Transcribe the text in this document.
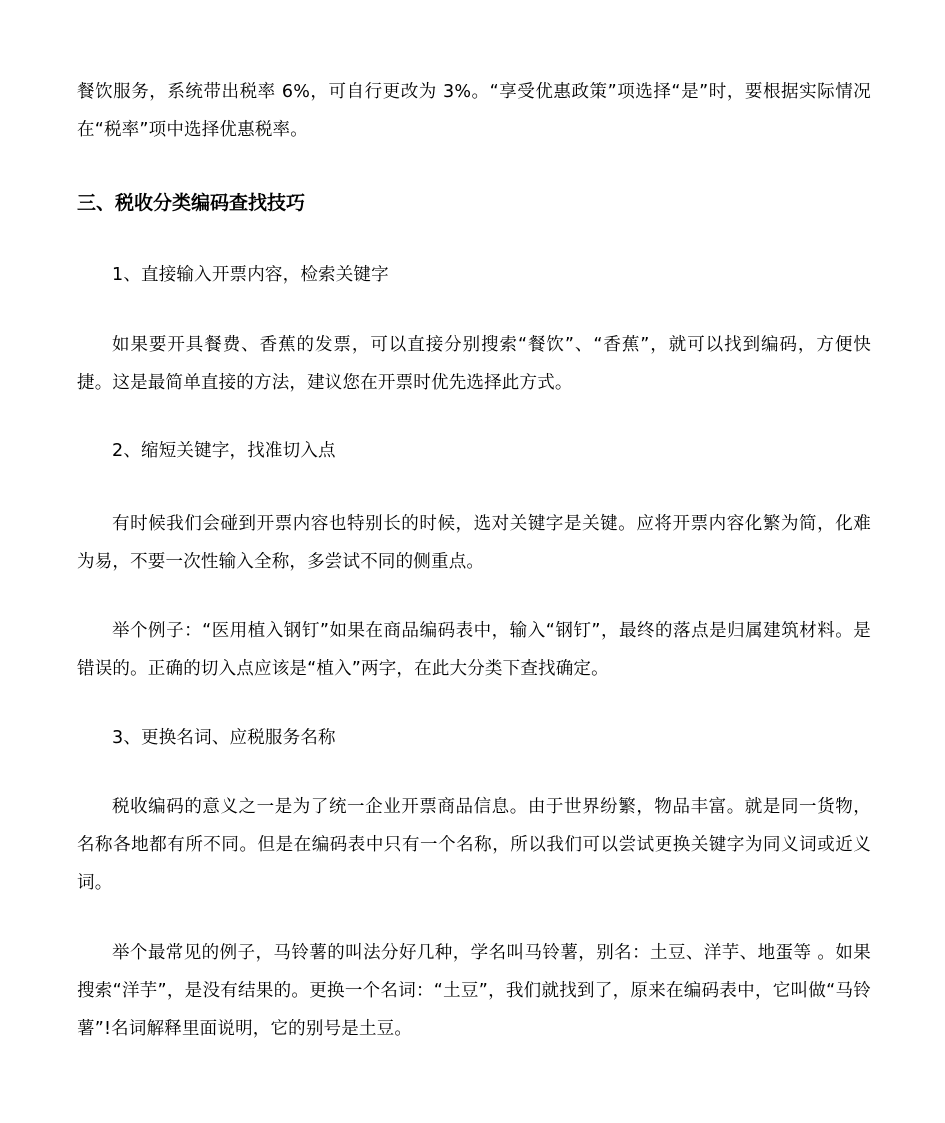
餐饮服务，系统带出税率 6%，可自行更改为 3%。“享受优惠政策”项选择“是”时，要根据实际情况在“税率”项中选择优惠税率。

三、税收分类编码查找技巧

1、直接输入开票内容，检索关键字

如果要开具餐费、香蕉的发票，可以直接分别搜索“餐饮”、“香蕉”，就可以找到编码，方便快捷。这是最简单直接的方法，建议您在开票时优先选择此方式。

2、缩短关键字，找准切入点

有时候我们会碰到开票内容也特别长的时候，选对关键字是关键。应将开票内容化繁为简，化难为易，不要一次性输入全称，多尝试不同的侧重点。

举个例子：“医用植入钢钉”如果在商品编码表中，输入“钢钉”，最终的落点是归属建筑材料。是错误的。正确的切入点应该是“植入”两字，在此大分类下查找确定。

3、更换名词、应税服务名称

税收编码的意义之一是为了统一企业开票商品信息。由于世界纷繁，物品丰富。就是同一货物，名称各地都有所不同。但是在编码表中只有一个名称，所以我们可以尝试更换关键字为同义词或近义词。

举个最常见的例子，马铃薯的叫法分好几种，学名叫马铃薯，别名：土豆、洋芋、地蛋等 。如果搜索“洋芋”，是没有结果的。更换一个名词：“土豆”，我们就找到了，原来在编码表中，它叫做“马铃薯”!名词解释里面说明，它的别号是土豆。
